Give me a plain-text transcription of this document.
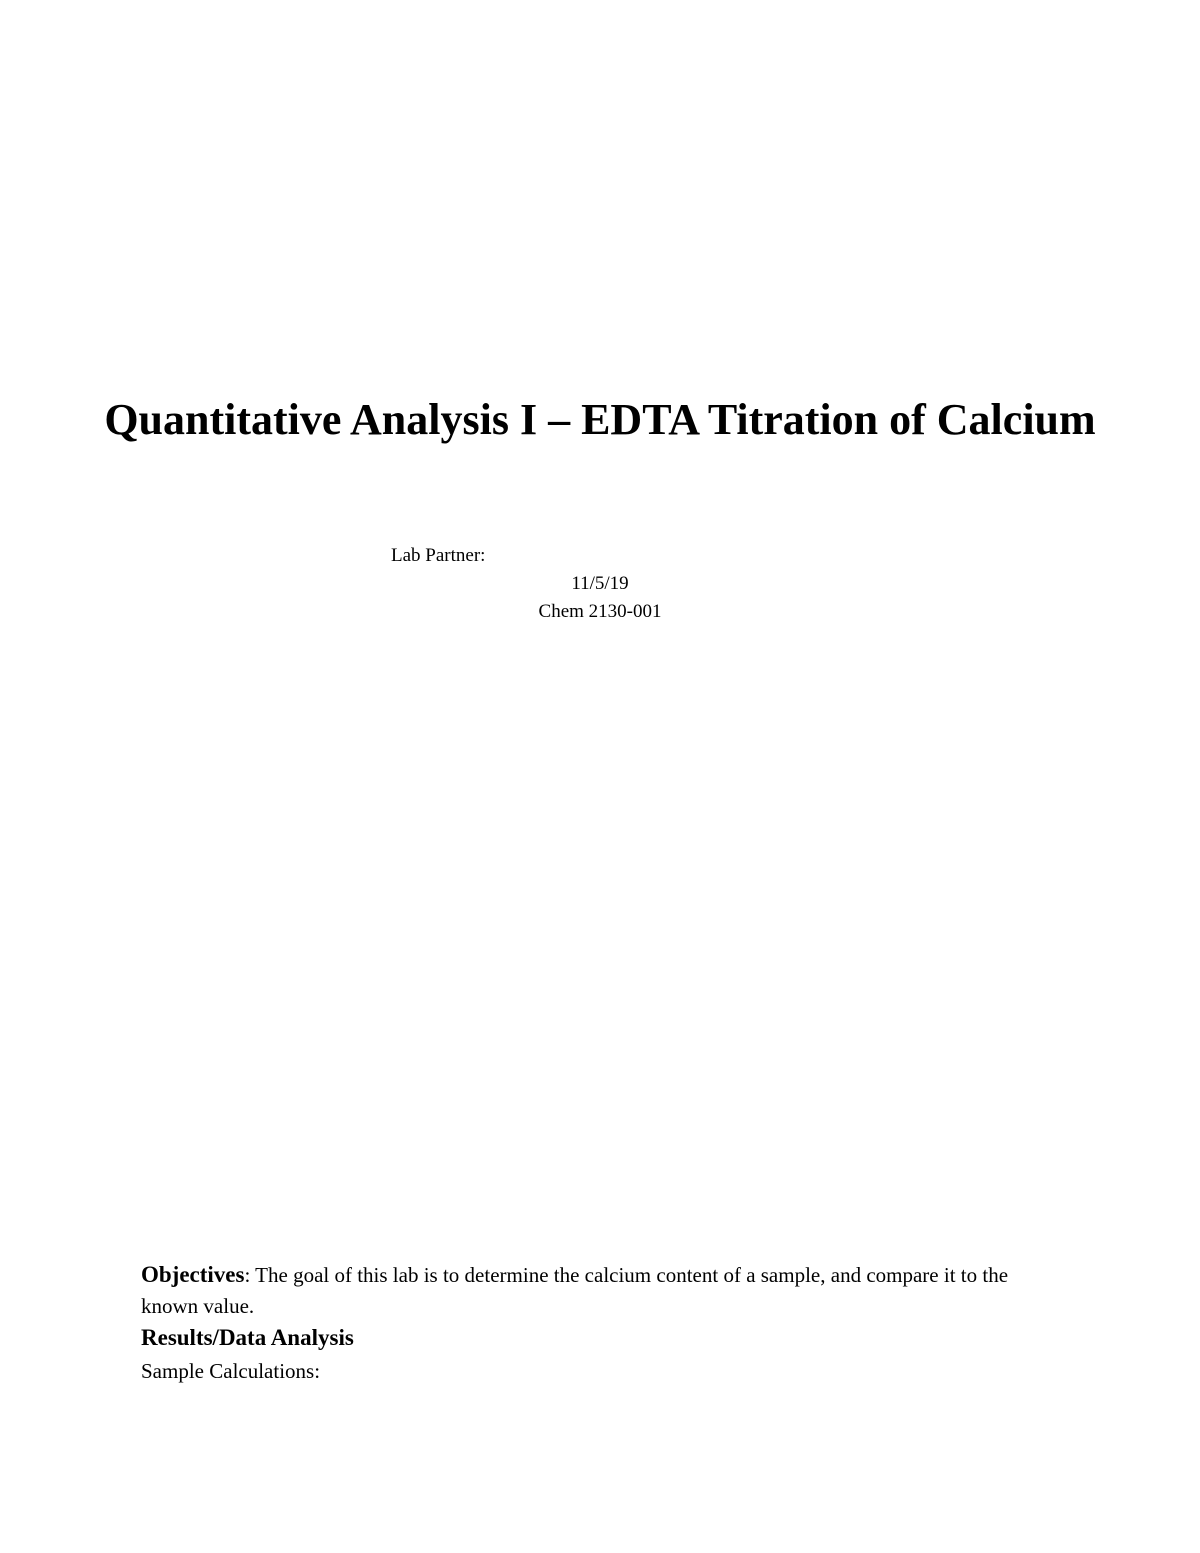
Quantitative Analysis I – EDTA Titration of Calcium
Lab Partner:
11/5/19
Chem 2130-001

Objectives: The goal of this lab is to determine the calcium content of a sample, and compare it to the known value.

Results/Data Analysis

Sample Calculations:
